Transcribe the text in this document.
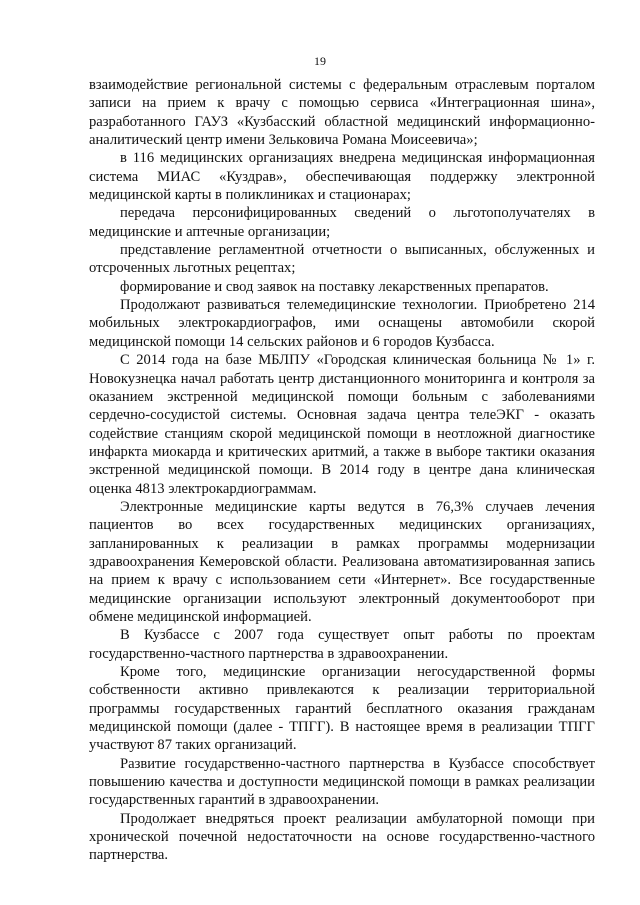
19

взаимодействие региональной системы с федеральным отраслевым порталом записи на прием к врачу с помощью сервиса «Интеграционная шина», разработанного ГАУЗ «Кузбасский областной медицинский информационно-аналитический центр имени Зельковича Романа Моисеевича»;

в 116 медицинских организациях внедрена медицинская информационная система МИАС «Куздрав», обеспечивающая поддержку электронной медицинской карты в поликлиниках и стационарах;

передача персонифицированных сведений о льготополучателях в медицинские и аптечные организации;

представление регламентной отчетности о выписанных, обслуженных и отсроченных льготных рецептах;

формирование и свод заявок на поставку лекарственных препаратов.

Продолжают развиваться телемедицинские технологии. Приобретено 214 мобильных электрокардиографов, ими оснащены автомобили скорой медицинской помощи 14 сельских районов и 6 городов Кузбасса.

С 2014 года на базе МБЛПУ «Городская клиническая больница № 1» г. Новокузнецка начал работать центр дистанционного мониторинга и контроля за оказанием экстренной медицинской помощи больным с заболеваниями сердечно-сосудистой системы. Основная задача центра телеЭКГ - оказать содействие станциям скорой медицинской помощи в неотложной диагностике инфаркта миокарда и критических аритмий, а также в выборе тактики оказания экстренной медицинской помощи. В 2014 году в центре дана клиническая оценка 4813 электрокардиограммам.

Электронные медицинские карты ведутся в 76,3% случаев лечения пациентов во всех государственных медицинских организациях, запланированных к реализации в рамках программы модернизации здравоохранения Кемеровской области. Реализована автоматизированная запись на прием к врачу с использованием сети «Интернет». Все государственные медицинские организации используют электронный документооборот при обмене медицинской информацией.

В Кузбассе с 2007 года существует опыт работы по проектам государственно-частного партнерства в здравоохранении.

Кроме того, медицинские организации негосударственной формы собственности активно привлекаются к реализации территориальной программы государственных гарантий бесплатного оказания гражданам медицинской помощи (далее - ТПГГ). В настоящее время в реализации ТПГГ участвуют 87 таких организаций.

Развитие государственно-частного партнерства в Кузбассе способствует повышению качества и доступности медицинской помощи в рамках реализации государственных гарантий в здравоохранении.

Продолжает внедряться проект реализации амбулаторной помощи при хронической почечной недостаточности на основе государственно-частного партнерства.
